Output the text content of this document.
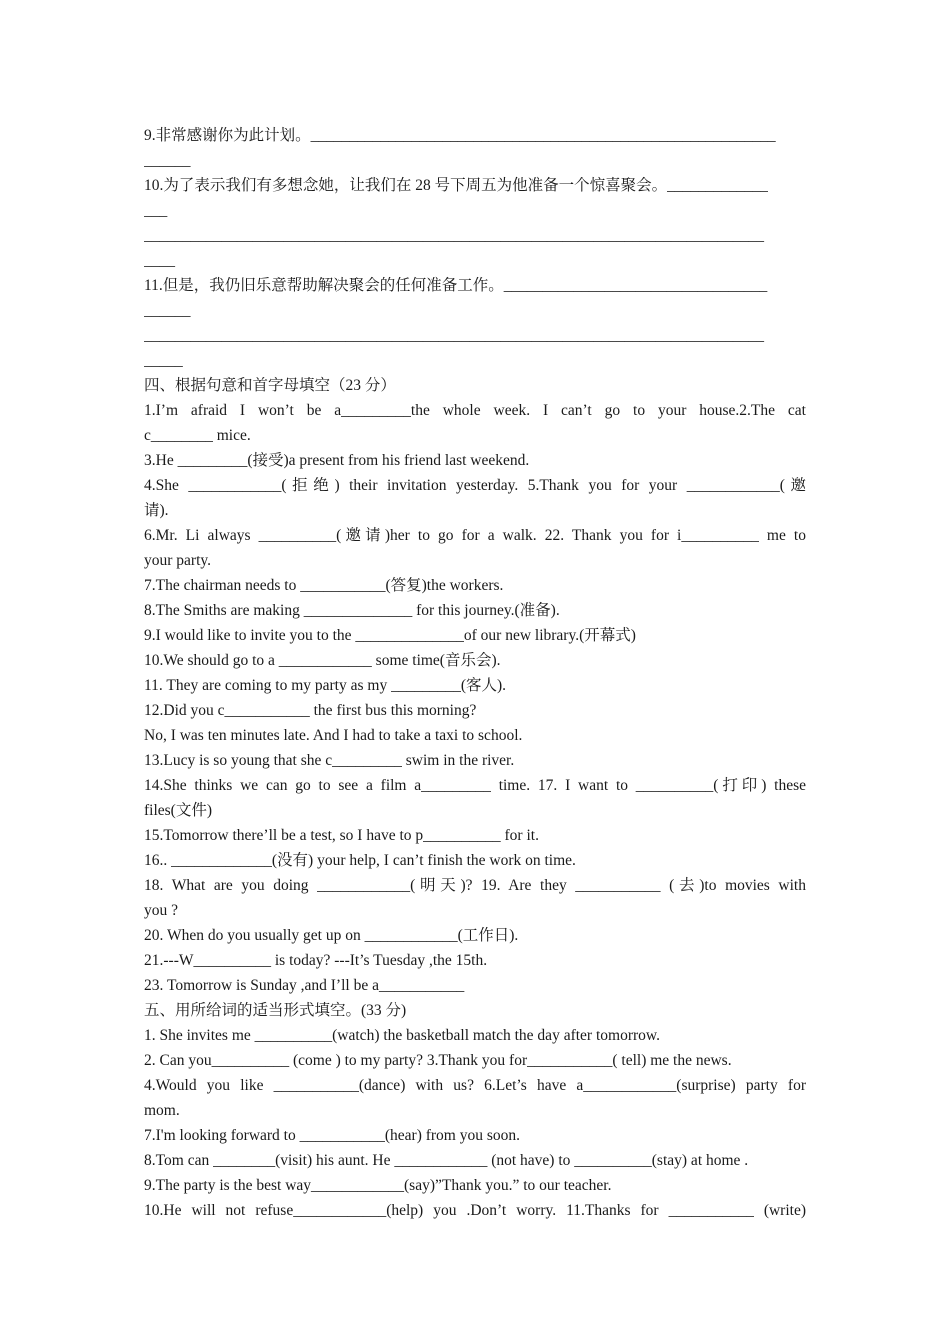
9.非常感谢你为此计划。____________________________________________________________
______
10.为了表示我们有多想念她，让我们在 28 号下周五为他准备一个惊喜聚会。_____________
___
________________________________________________________________________________
____
11.但是，我仍旧乐意帮助解决聚会的任何准备工作。__________________________________
______
________________________________________________________________________________
_____
四、根据句意和首字母填空（23 分）
1.I’m afraid I won’t be a_________the whole week. I can’t go to your house.2.The cat
c________ mice.
3.He _________(接受)a present from his friend last weekend.
4.She ____________(拒绝) their invitation yesterday. 5.Thank you for your ____________(邀
请).
6.Mr. Li always __________(邀请)her to go for a walk. 22. Thank you for i__________ me to
your party.
7.The chairman needs to ___________(答复)the workers.
8.The Smiths are making ______________ for this journey.(准备).
9.I would like to invite you to the ______________of our new library.(开幕式)
10.We should go to a ____________ some time(音乐会).
11. They are coming to my party as my _________(客人).
12.Did you c___________ the first bus this morning?
No, I was ten minutes late. And I had to take a taxi to school.
13.Lucy is so young that she c_________ swim in the river.
14.She thinks we can go to see a film a_________ time. 17. I want to __________(打印) these
files(文件)
15.Tomorrow there’ll be a test, so I have to p__________ for it.
16.. _____________(没有) your help, I can’t finish the work on time.
18. What are you doing ____________(明天)? 19. Are they ___________ (去)to movies with
you ?
20. When do you usually get up on ____________(工作日).
21.---W__________ is today? ---It’s Tuesday ,the 15th.
23. Tomorrow is Sunday ,and I’ll be a___________
五、用所给词的适当形式填空。(33 分)
1. She invites me __________(watch) the basketball match the day after tomorrow.
2. Can you__________ (come ) to my party? 3.Thank you for___________( tell) me the news.
4.Would you like ___________(dance) with us? 6.Let’s have a____________(surprise) party for
mom.
7.I'm looking forward to ___________(hear) from you soon.
8.Tom can ________(visit) his aunt. He ____________ (not have) to __________(stay) at home .
9.The party is the best way____________(say)”Thank you.” to our teacher.
10.He will not refuse____________(help) you .Don’t worry. 11.Thanks for ___________ (write)
